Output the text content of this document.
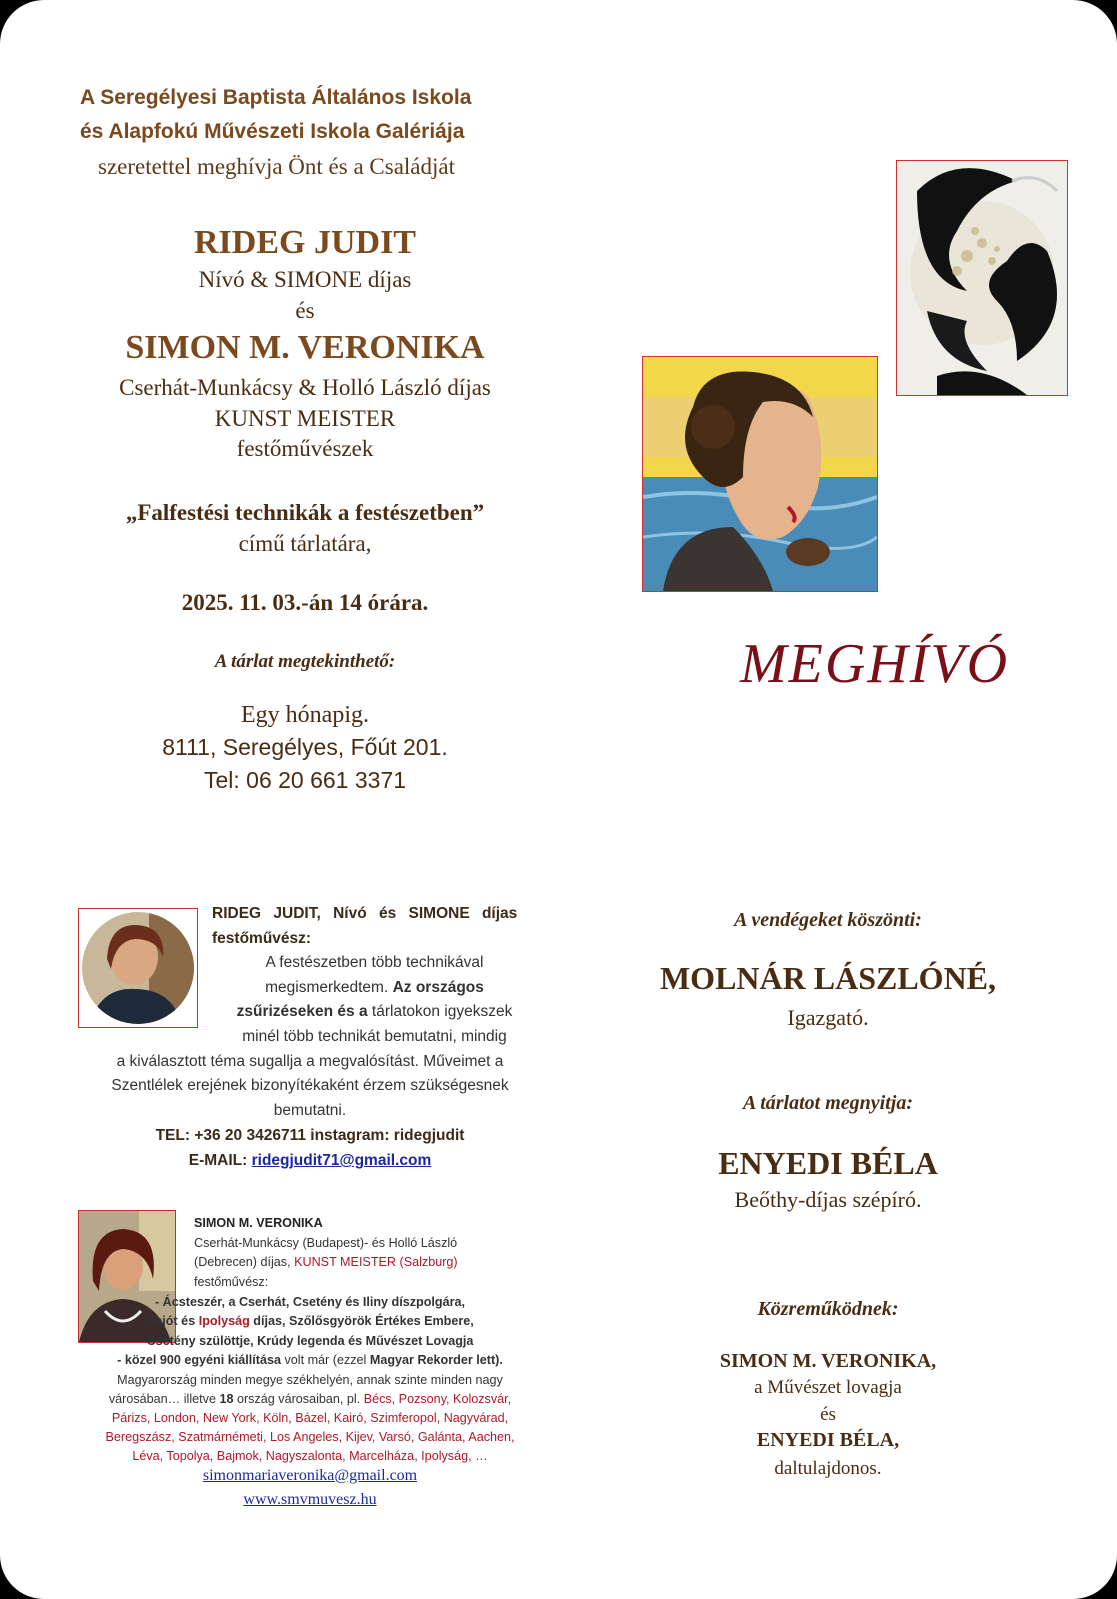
A Seregélyesi Baptista Általános Iskola
és Alapfokú Művészeti Iskola Galériája
szeretettel meghívja Önt és a Családját
RIDEG JUDIT
Nívó & SIMONE díjas
és
SIMON M. VERONIKA
Cserhát-Munkácsy & Holló László díjas
KUNST MEISTER
festőművészek
„Falfestési technikák a festészetben”
című tárlatára,
2025. 11. 03.-án 14 órára.
A tárlat megtekinthető:
Egy hónapig.
8111, Seregélyes, Főút 201.
Tel: 06 20 661 3371
MEGHÍVÓ
RIDEG JUDIT, Nívó és SIMONE díjas
festőművész:
A festészetben több technikával
megismerkedtem. Az országos
zsűrizéseken és a tárlatokon igyekszek
minél több technikát bemutatni, mindig
a kiválasztott téma sugallja a megvalósítást. Műveimet a
Szentlélek erejének bizonyítékaként érzem szükségesnek
bemutatni.
TEL: +36 20 3426711 instagram: ridegjudit
E-MAIL: ridegjudit71@gmail.com
SIMON M. VERONIKA
Cserhát-Munkácsy (Budapest)- és Holló László
(Debrecen) díjas, KUNST MEISTER (Salzburg)
festőművész:
- Ácsteszér, a Cserhát, Csetény és Iliny díszpolgára,
Bajót és Ipolyság díjas, Szőlősgyörök Értékes Embere,
Csetény szülöttje, Krúdy legenda és Művészet Lovagja
- közel 900 egyéni kiállítása volt már (ezzel Magyar Rekorder lett).
Magyarország minden megye székhelyén, annak szinte minden nagy
városában… illetve 18 ország városaiban, pl. Bécs, Pozsony, Kolozsvár,
Párizs, London, New York, Köln, Bázel, Kairó, Szimferopol, Nagyvárad,
Beregszász, Szatmárnémeti, Los Angeles, Kijev, Varsó, Galánta, Aachen,
Léva, Topolya, Bajmok, Nagyszalonta, Marcelháza, Ipolyság, …
simonmariaveronika@gmail.com
www.smvmuvesz.hu
A vendégeket köszönti:
MOLNÁR LÁSZLÓNÉ,
Igazgató.
A tárlatot megnyitja:
ENYEDI BÉLA
Beőthy-díjas szépíró.
Közreműködnek:
SIMON M. VERONIKA,
a Művészet lovagja
és
ENYEDI BÉLA,
daltulajdonos.
